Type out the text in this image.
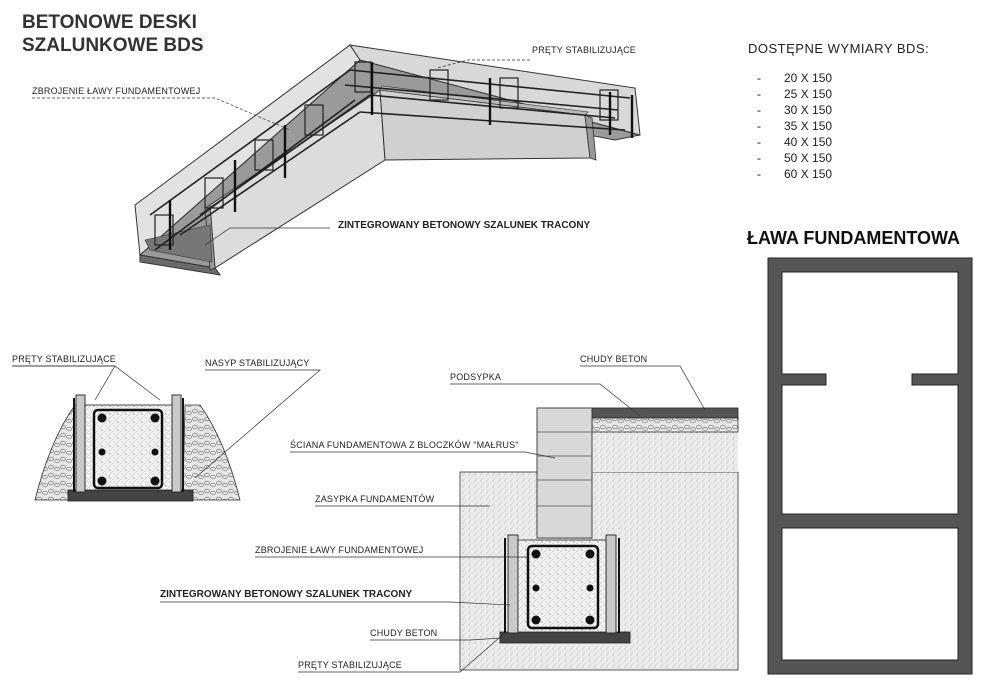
BETONOWE DESKI
SZALUNKOWE BDS	PRĘTY STABILIZUJĄCE
ZBROJENIE ŁAWY FUNDAMENTOWEJ
ZINTEGROWANY BETONOWY SZALUNEK TRACONY
DOSTĘPNE WYMIARY BDS:
- 20 X 150
- 25 X 150
- 30 X 150
- 35 X 150
- 40 X 150
- 50 X 150
- 60 X 150
ŁAWA FUNDAMENTOWA
PRĘTY STABILIZUJĄCE	NASYP STABILIZUJĄCY	CHUDY BETON
PODSYPKA
ŚCIANA FUNDAMENTOWA Z BLOCZKÓW "MAŁRUS"
ZASYPKA FUNDAMENTÓW
ZBROJENIE ŁAWY FUNDAMENTOWEJ
ZINTEGROWANY BETONOWY SZALUNEK TRACONY
CHUDY BETON
PRĘTY STABILIZUJĄCE
